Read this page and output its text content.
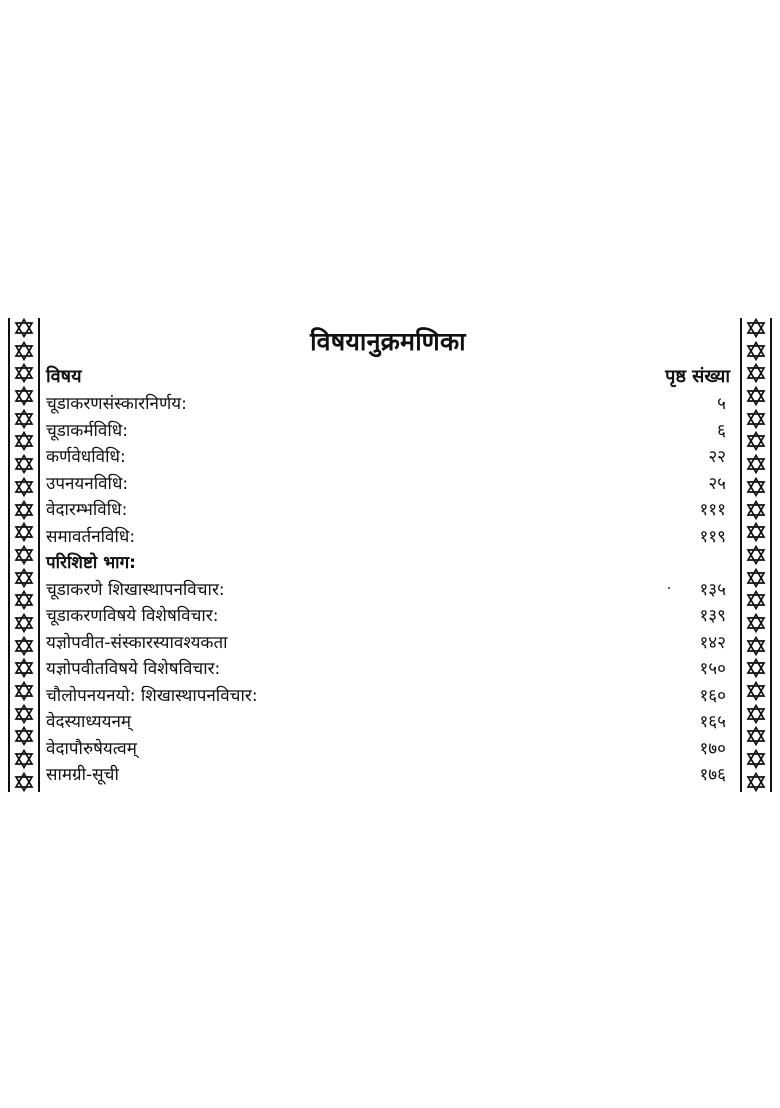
विषयानुक्रमणिका
विषय	पृष्ठ संख्या
चूडाकरणसंस्कारनिर्णय:	५
चूडाकर्मविधि:	६
कर्णवेधविधि:	२२
उपनयनविधि:	२५
वेदारम्भविधि:	१११
समावर्तनविधि:	११९
परिशिष्टो भाग:
चूडाकरणे शिखास्थापनविचार:	१३५
चूडाकरणविषये विशेषविचार:	१३९
यज्ञोपवीत-संस्कारस्यावश्यकता	१४२
यज्ञोपवीतविषये विशेषविचार:	१५०
चौलोपनयनयो: शिखास्थापनविचार:	१६०
वेदस्याध्ययनम्	१६५
वेदापौरुषेयत्वम्	१७०
सामग्री-सूची	१७६
